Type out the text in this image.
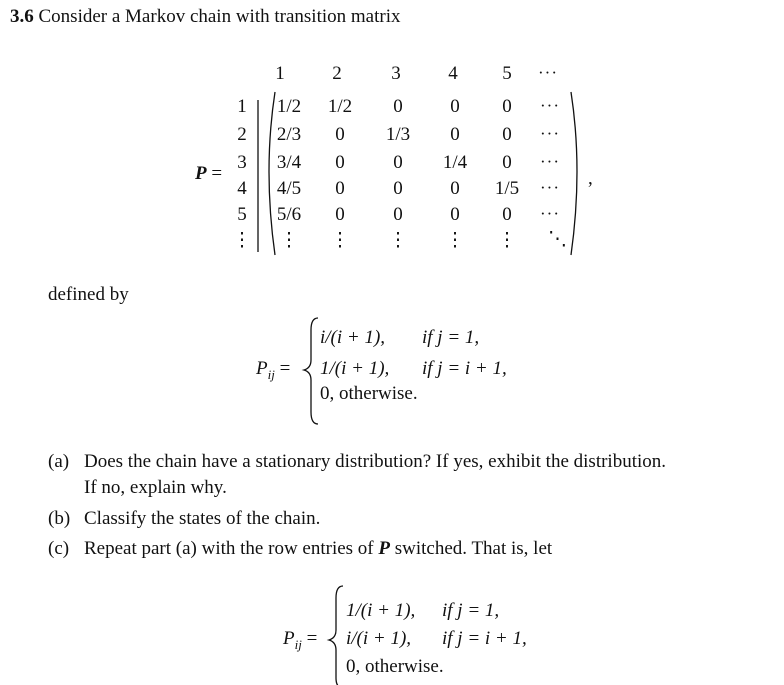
3.6 Consider a Markov chain with transition matrix
1	2	3	4 5 ···
P =
1
2
3
4
5
1/2 1/2 0	0 0 ···
2/3 0 1/3 0 0 ···
3/4 0	0 1/4 0 ···
4/5 0	0	0 1/5 ···
5/6 0	0	0 0 ···
⋮ ⋮ ⋮ ⋮ ⋮ ⋮ ⋱
,
defined by
$P_{ij}$ =
i/(i + 1), if j = 1,
1/(i + 1), if j = i + 1,
0, otherwise.
(a) Does the chain have a stationary distribution? If yes, exhibit the distribution.
If no, explain why.
(b) Classify the states of the chain.
(c) Repeat part (a) with the row entries of P switched. That is, let
$P_{ij}$ =
1/(i + 1), if j = 1,
i/(i + 1), if j = i + 1,
0, otherwise.
